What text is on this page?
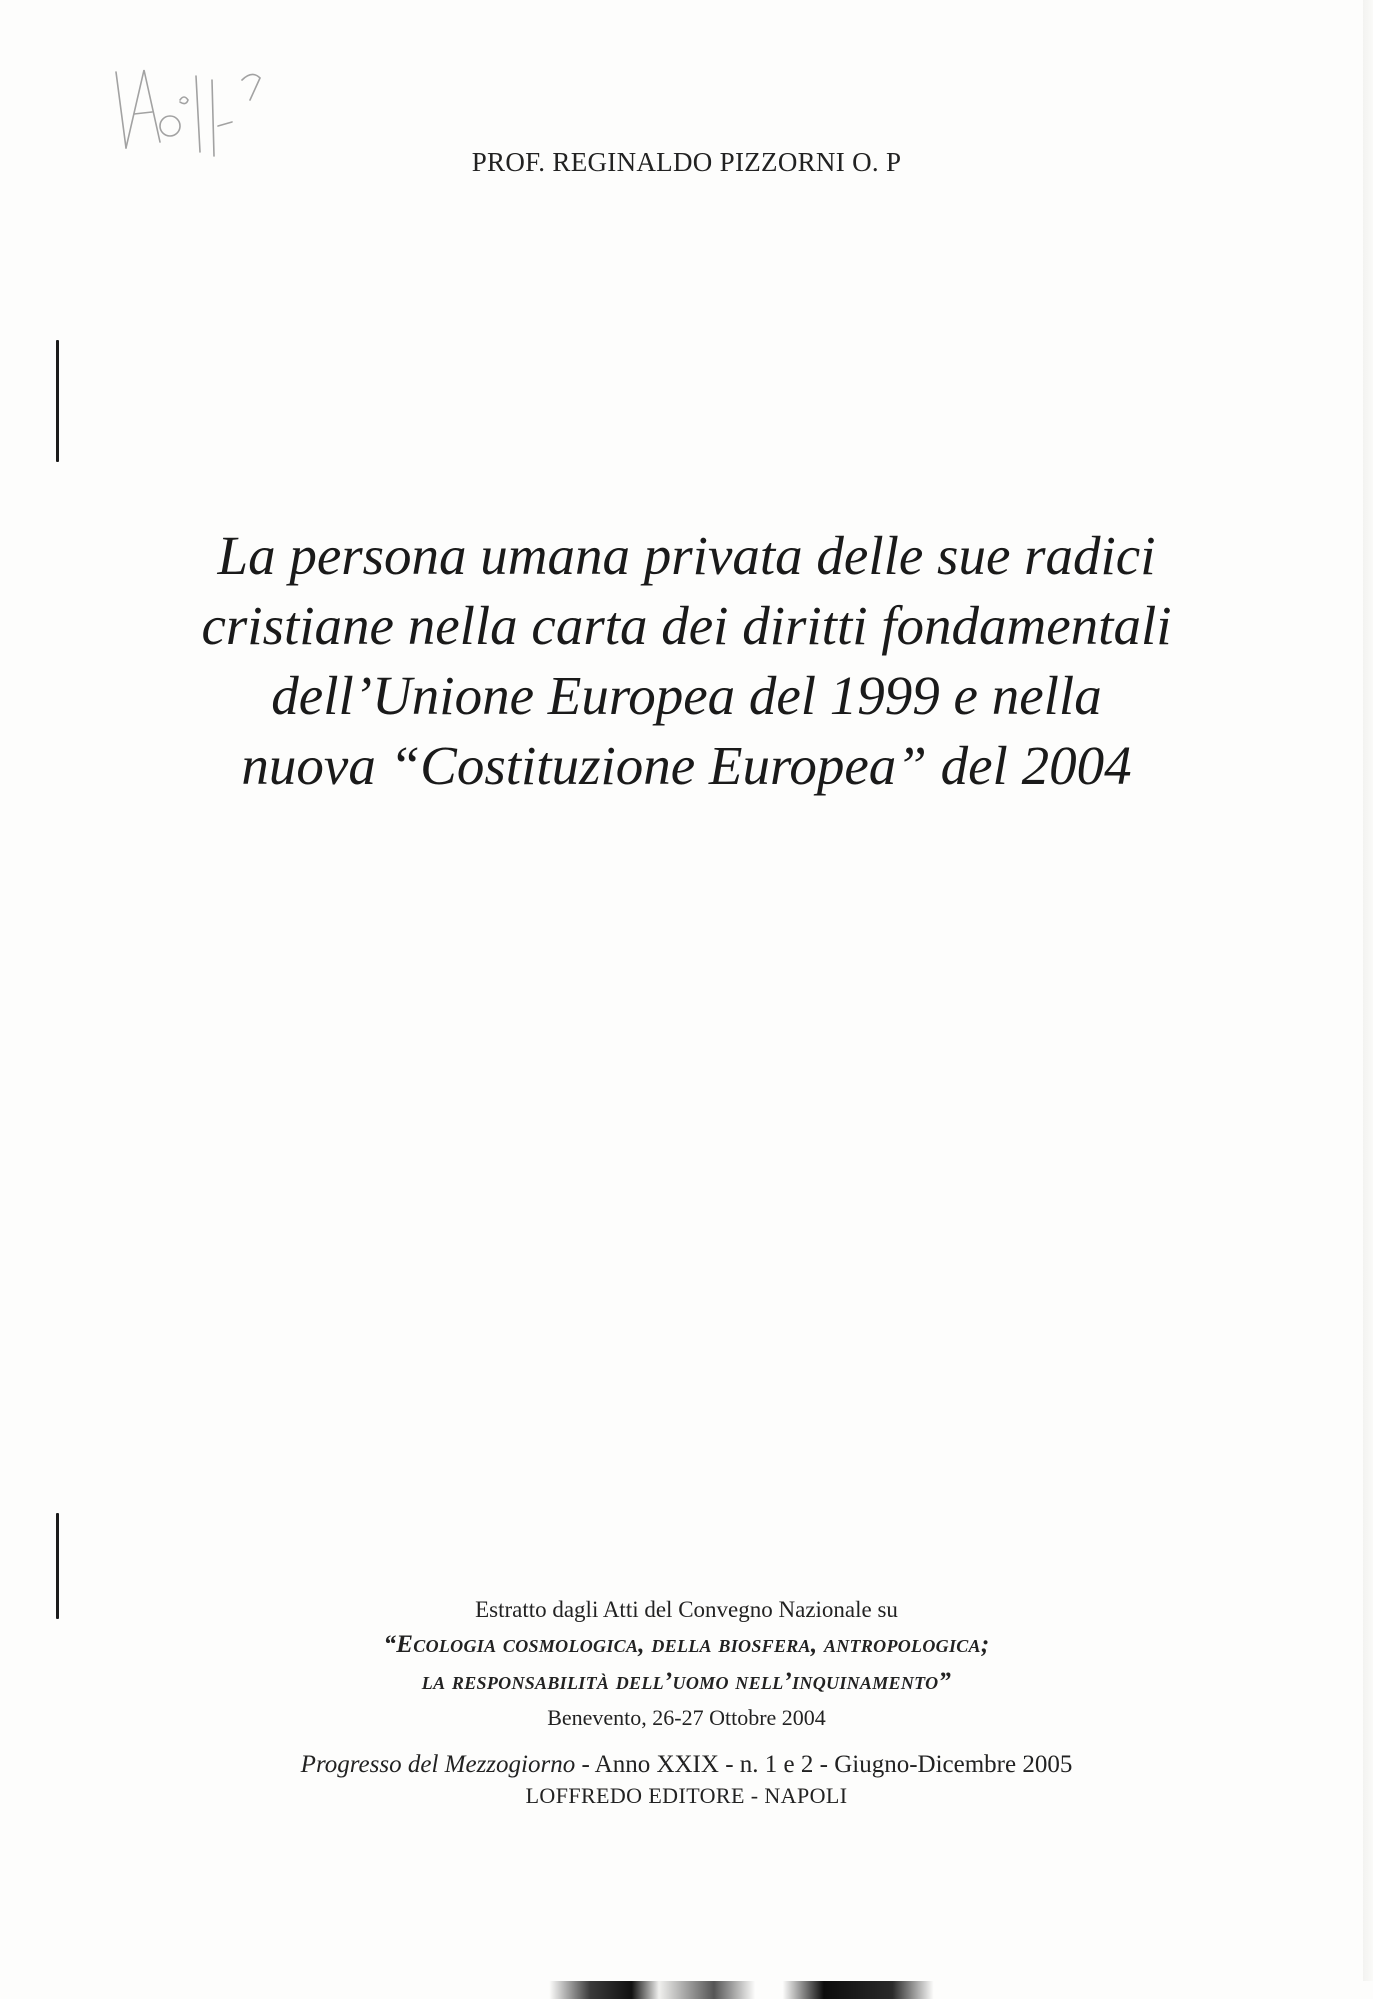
PROF. REGINALDO PIZZORNI O. P
La persona umana privata delle sue radici
cristiane nella carta dei diritti fondamentali
dell’Unione Europea del 1999 e nella
nuova “Costituzione Europea” del 2004
Estratto dagli Atti del Convegno Nazionale su
“Ecologia cosmologica, della biosfera, antropologica;
la responsabilità dell’uomo nell’inquinamento”
Benevento, 26-27 Ottobre 2004
Progresso del Mezzogiorno - Anno XXIX - n. 1 e 2 - Giugno-Dicembre 2005
LOFFREDO EDITORE - NAPOLI
